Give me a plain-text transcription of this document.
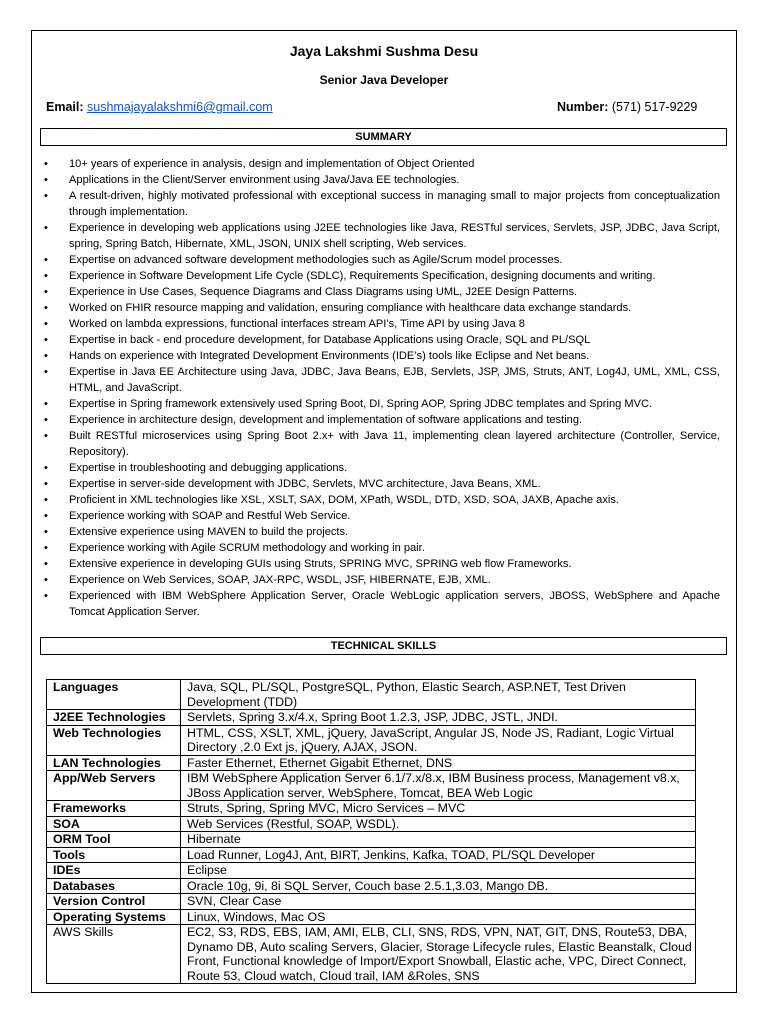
Jaya Lakshmi Sushma Desu
Senior Java Developer
Email: sushmajayalakshmi6@gmail.com	Number: (571) 517-9229
SUMMARY
• 10+ years of experience in analysis, design and implementation of Object Oriented
• Applications in the Client/Server environment using Java/Java EE technologies.
• A result-driven, highly motivated professional with exceptional success in managing small to major projects from conceptualization through implementation.
• Experience in developing web applications using J2EE technologies like Java, RESTful services, Servlets, JSP, JDBC, Java Script, spring, Spring Batch, Hibernate, XML, JSON, UNIX shell scripting, Web services.
• Expertise on advanced software development methodologies such as Agile/Scrum model processes.
• Experience in Software Development Life Cycle (SDLC), Requirements Specification, designing documents and writing.
• Experience in Use Cases, Sequence Diagrams and Class Diagrams using UML, J2EE Design Patterns.
• Worked on FHIR resource mapping and validation, ensuring compliance with healthcare data exchange standards.
• Worked on lambda expressions, functional interfaces stream API’s, Time API by using Java 8
• Expertise in back - end procedure development, for Database Applications using Oracle, SQL and PL/SQL
• Hands on experience with Integrated Development Environments (IDE’s) tools like Eclipse and Net beans.
• Expertise in Java EE Architecture using Java, JDBC, Java Beans, EJB, Servlets, JSP, JMS, Struts, ANT, Log4J, UML, XML, CSS, HTML, and JavaScript.
• Expertise in Spring framework extensively used Spring Boot, DI, Spring AOP, Spring JDBC templates and Spring MVC.
• Experience in architecture design, development and implementation of software applications and testing.
• Built RESTful microservices using Spring Boot 2.x+ with Java 11, implementing clean layered architecture (Controller, Service, Repository).
• Expertise in troubleshooting and debugging applications.
• Expertise in server-side development with JDBC, Servlets, MVC architecture, Java Beans, XML.
• Proficient in XML technologies like XSL, XSLT, SAX, DOM, XPath, WSDL, DTD, XSD, SOA, JAXB, Apache axis.
• Experience working with SOAP and Restful Web Service.
• Extensive experience using MAVEN to build the projects.
• Experience working with Agile SCRUM methodology and working in pair.
• Extensive experience in developing GUIs using Struts, SPRING MVC, SPRING web flow Frameworks.
• Experience on Web Services, SOAP, JAX-RPC, WSDL, JSF, HIBERNATE, EJB, XML.
• Experienced with IBM WebSphere Application Server, Oracle WebLogic application servers, JBOSS, WebSphere and Apache Tomcat Application Server.
TECHNICAL SKILLS
Languages	Java, SQL, PL/SQL, PostgreSQL, Python, Elastic Search, ASP.NET, Test Driven Development (TDD)
J2EE Technologies	Servlets, Spring 3.x/4.x, Spring Boot 1.2.3, JSP, JDBC, JSTL, JNDI.
Web Technologies	HTML, CSS, XSLT, XML, jQuery, JavaScript, Angular JS, Node JS, Radiant, Logic Virtual Directory ,2.0 Ext js, jQuery, AJAX, JSON.
LAN Technologies	Faster Ethernet, Ethernet Gigabit Ethernet, DNS
App/Web Servers	IBM WebSphere Application Server 6.1/7.x/8.x, IBM Business process, Management v8.x, JBoss Application server, WebSphere, Tomcat, BEA Web Logic
Frameworks	Struts, Spring, Spring MVC, Micro Services – MVC
SOA	Web Services (Restful, SOAP, WSDL).
ORM Tool	Hibernate
Tools	Load Runner, Log4J, Ant, BIRT, Jenkins, Kafka, TOAD, PL/SQL Developer
IDEs	Eclipse
Databases	Oracle 10g, 9i, 8i SQL Server, Couch base 2.5.1,3.03, Mango DB.
Version Control	SVN, Clear Case
Operating Systems	Linux, Windows, Mac OS
AWS Skills	EC2, S3, RDS, EBS, IAM, AMI, ELB, CLI, SNS, RDS, VPN, NAT, GIT, DNS, Route53, DBA, Dynamo DB, Auto scaling Servers, Glacier, Storage Lifecycle rules, Elastic Beanstalk, Cloud Front, Functional knowledge of Import/Export Snowball, Elastic ache, VPC, Direct Connect, Route 53, Cloud watch, Cloud trail, IAM &Roles, SNS
